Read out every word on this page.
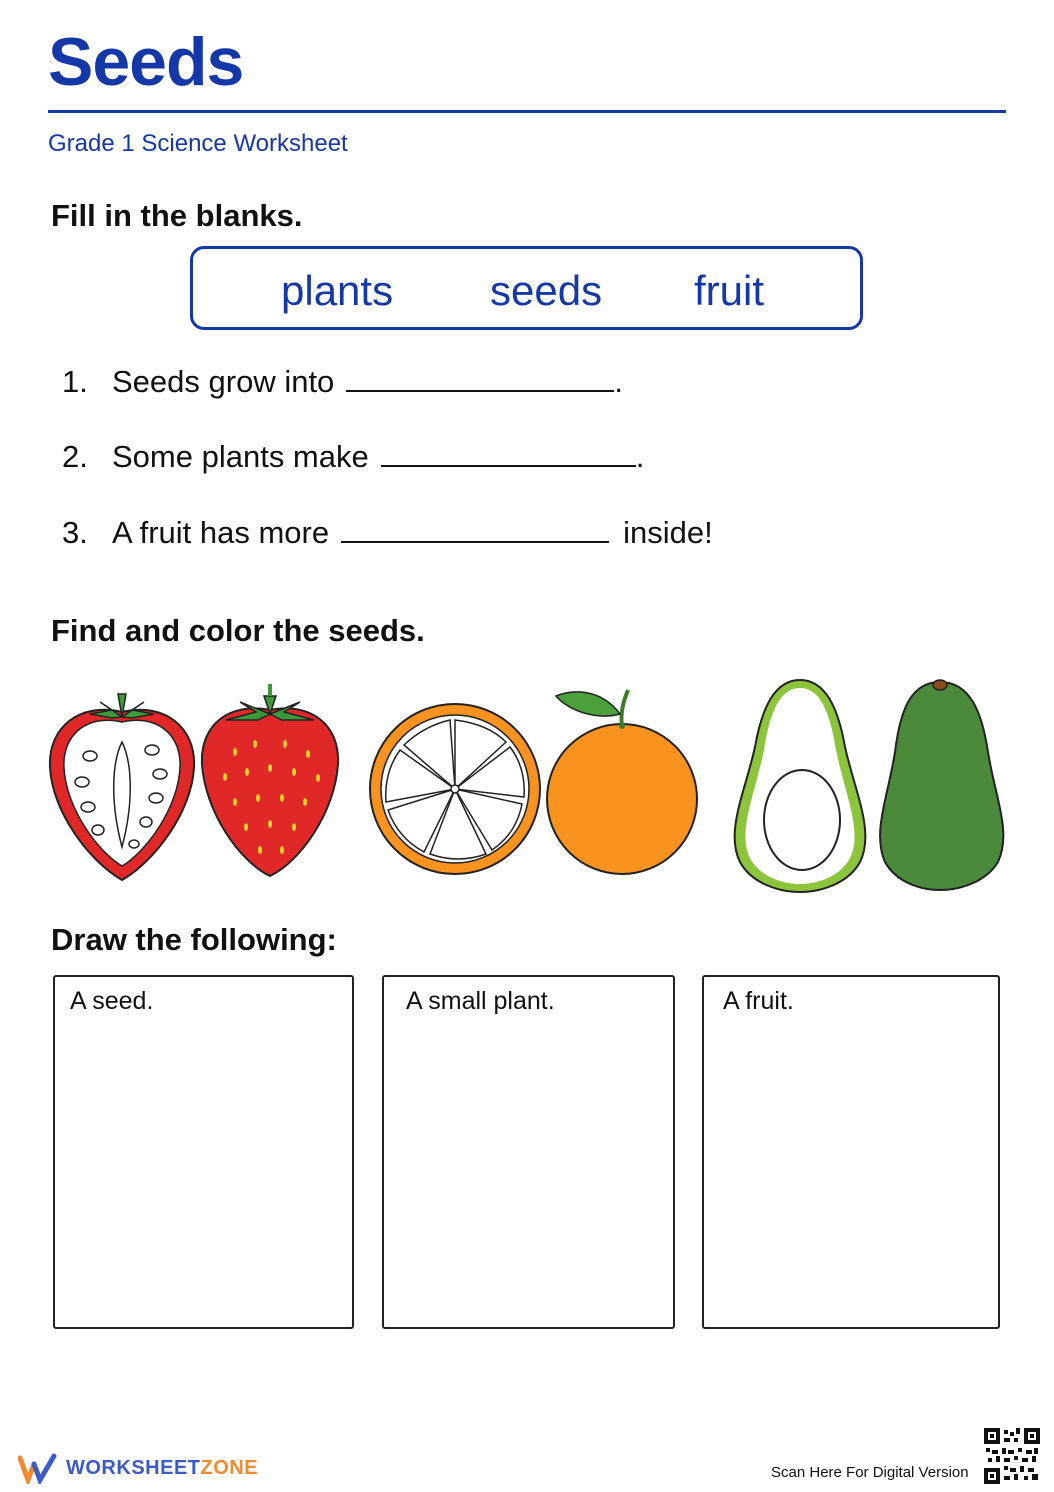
Seeds
Grade 1 Science Worksheet
Fill in the blanks.
plants seeds fruit
1. Seeds grow into	.
2. Some plants make	.
3. A fruit has more	inside!
Find and color the seeds.
Draw the following:
A seed.	A small plant.	A fruit.
WORKSHEETZONE	Scan Here For Digital Version
